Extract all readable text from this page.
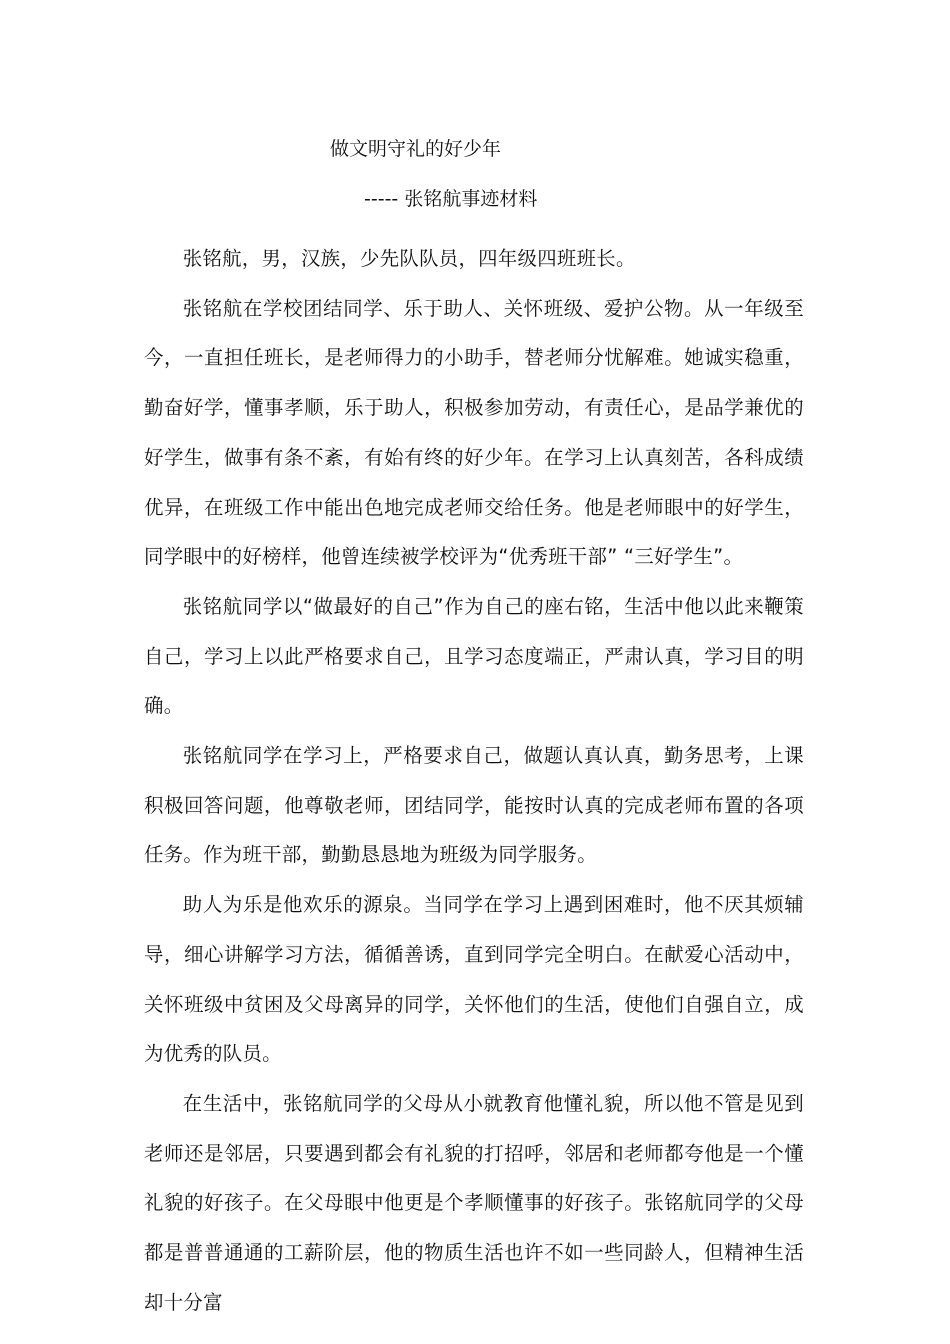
做文明守礼的好少年
----- 张铭航事迹材料

张铭航，男，汉族，少先队队员，四年级四班班长。

张铭航在学校团结同学、乐于助人、关怀班级、爱护公物。从一年级至今，一直担任班长，是老师得力的小助手，替老师分忧解难。她诚实稳重，勤奋好学，懂事孝顺，乐于助人，积极参加劳动，有责任心，是品学兼优的好学生，做事有条不紊，有始有终的好少年。在学习上认真刻苦，各科成绩优异，在班级工作中能出色地完成老师交给任务。他是老师眼中的好学生，同学眼中的好榜样，他曾连续被学校评为“优秀班干部” “三好学生”。

张铭航同学以“做最好的自己”作为自己的座右铭，生活中他以此来鞭策自己，学习上以此严格要求自己，且学习态度端正，严肃认真，学习目的明确。

张铭航同学在学习上，严格要求自己，做题认真认真，勤务思考，上课积极回答问题，他尊敬老师，团结同学，能按时认真的完成老师布置的各项任务。作为班干部，勤勤恳恳地为班级为同学服务。

助人为乐是他欢乐的源泉。当同学在学习上遇到困难时，他不厌其烦辅导，细心讲解学习方法，循循善诱，直到同学完全明白。在献爱心活动中，关怀班级中贫困及父母离异的同学，关怀他们的生活，使他们自强自立，成为优秀的队员。

在生活中，张铭航同学的父母从小就教育他懂礼貌，所以他不管是见到老师还是邻居，只要遇到都会有礼貌的打招呼，邻居和老师都夸他是一个懂礼貌的好孩子。在父母眼中他更是个孝顺懂事的好孩子。张铭航同学的父母都是普普通通的工薪阶层，他的物质生活也许不如一些同龄人，但精神生活却十分富
